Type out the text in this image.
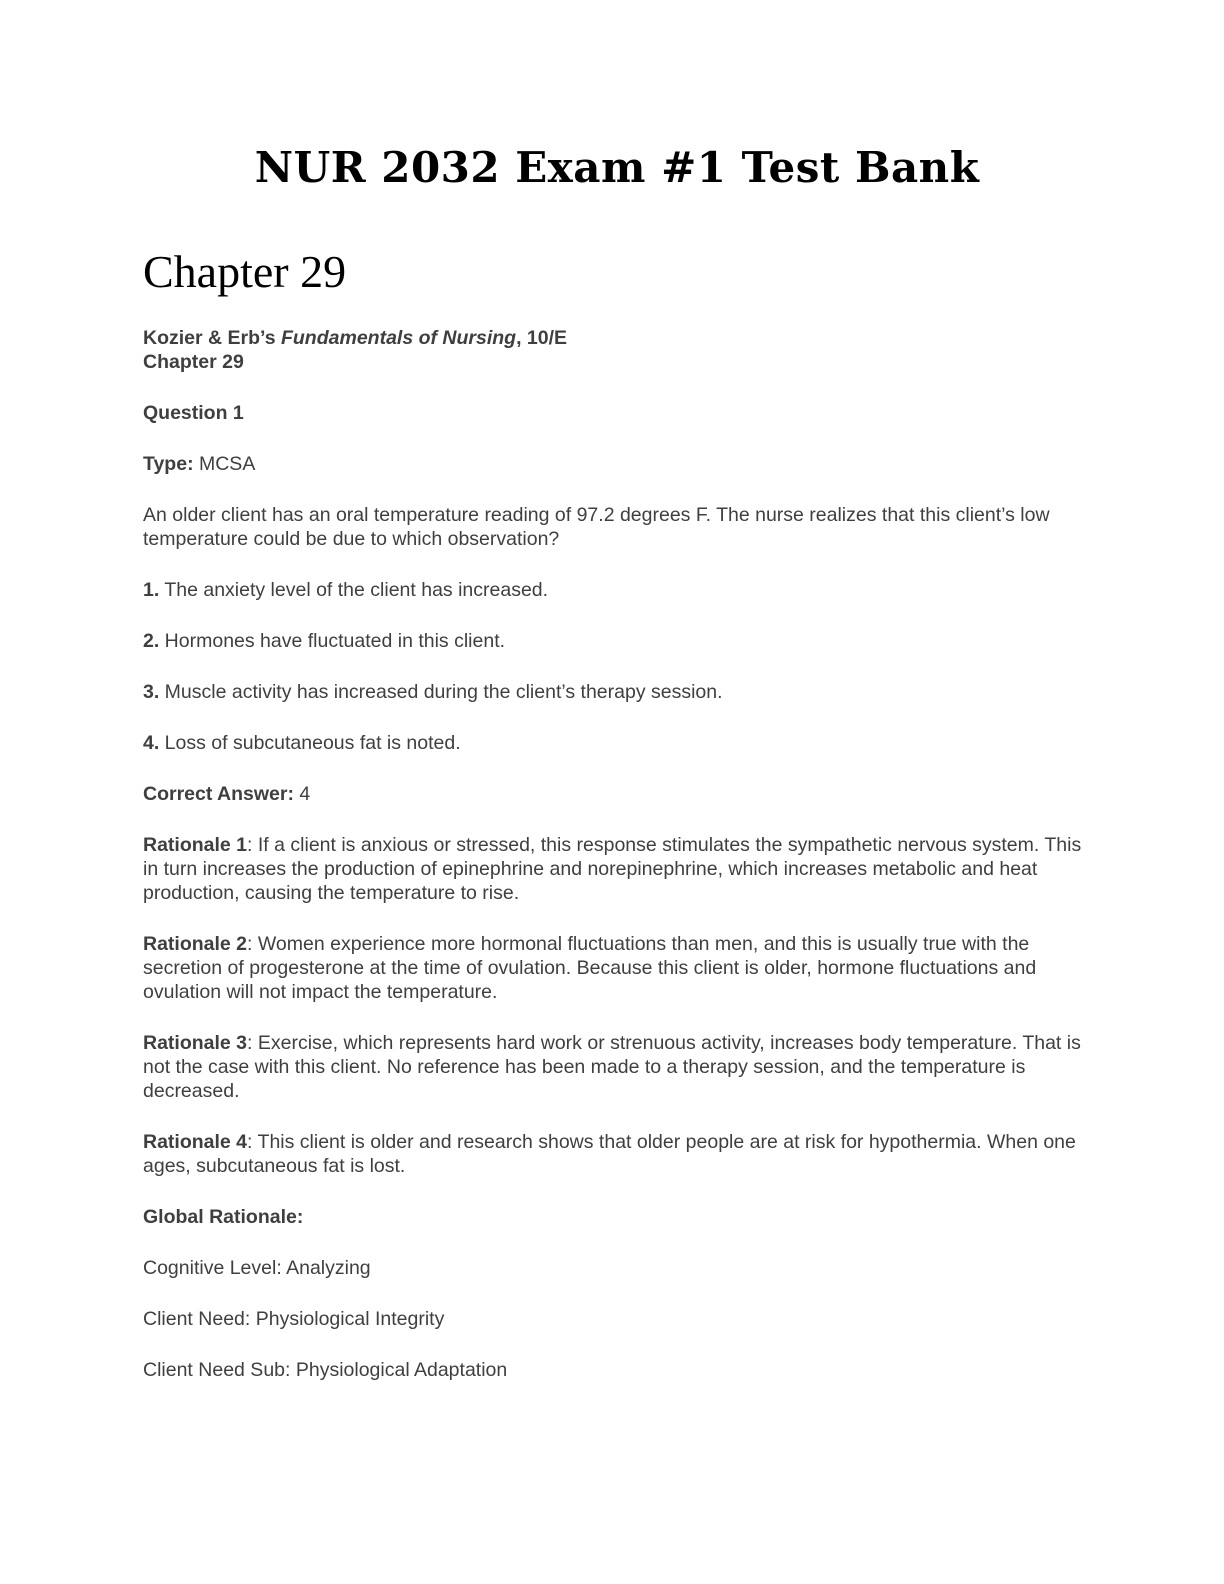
NUR 2032 Exam #1 Test Bank
Chapter 29

Kozier & Erb’s Fundamentals of Nursing, 10/E
Chapter 29

Question 1

Type: MCSA

An older client has an oral temperature reading of 97.2 degrees F. The nurse realizes that this client’s low temperature could be due to which observation?

1. The anxiety level of the client has increased.

2. Hormones have fluctuated in this client.

3. Muscle activity has increased during the client’s therapy session.

4. Loss of subcutaneous fat is noted.

Correct Answer: 4

Rationale 1: If a client is anxious or stressed, this response stimulates the sympathetic nervous system. This in turn increases the production of epinephrine and norepinephrine, which increases metabolic and heat production, causing the temperature to rise.

Rationale 2: Women experience more hormonal fluctuations than men, and this is usually true with the secretion of progesterone at the time of ovulation. Because this client is older, hormone fluctuations and ovulation will not impact the temperature.

Rationale 3: Exercise, which represents hard work or strenuous activity, increases body temperature. That is not the case with this client. No reference has been made to a therapy session, and the temperature is decreased.

Rationale 4: This client is older and research shows that older people are at risk for hypothermia. When one ages, subcutaneous fat is lost.

Global Rationale:

Cognitive Level: Analyzing

Client Need: Physiological Integrity

Client Need Sub: Physiological Adaptation
